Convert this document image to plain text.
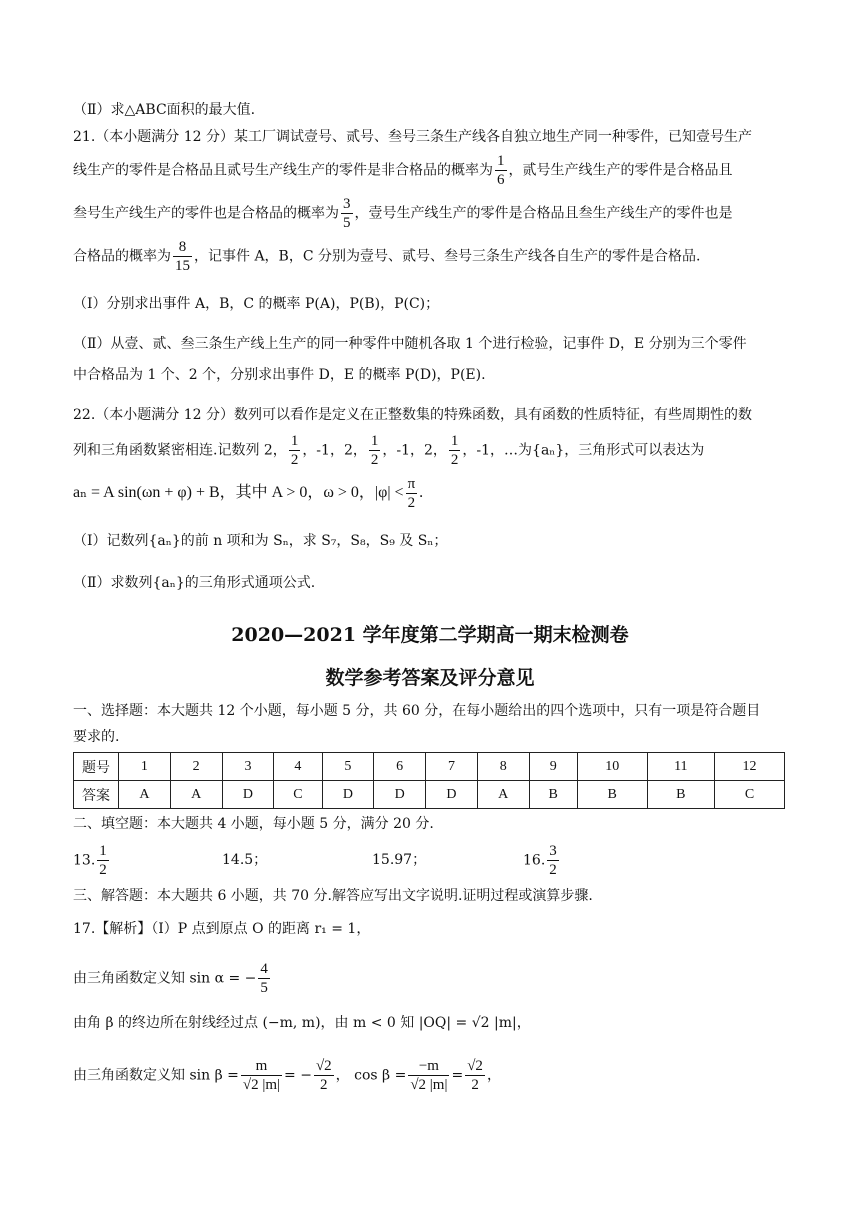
（Ⅱ）求△ABC面积的最大值.
21.（本小题满分 12 分）某工厂调试壹号、贰号、叁号三条生产线各自独立地生产同一种零件，已知壹号生产
线生产的零件是合格品且贰号生产线生产的零件是非合格品的概率为 $\frac{1}{6}$ ，贰号生产线生产的零件是合格品且
叁号生产线生产的零件也是合格品的概率为 $\frac{3}{5}$ ，壹号生产线生产的零件是合格品且叁生产线生产的零件也是
合格品的概率为 $\frac{8}{15}$ ，记事件 A，B，C 分别为壹号、贰号、叁号三条生产线各自生产的零件是合格品.
（Ⅰ）分别求出事件 A，B，C 的概率 P(A)，P(B)，P(C)；
（Ⅱ）从壹、贰、叁三条生产线上生产的同一种零件中随机各取 1 个进行检验，记事件 D，E 分别为三个零件
中合格品为 1 个、2 个，分别求出事件 D，E 的概率 P(D)，P(E).
22.（本小题满分 12 分）数列可以看作是定义在正整数集的特殊函数，具有函数的性质特征，有些周期性的数
列和三角函数紧密相连.记数列 2， $\frac{1}{2}$ ，-1，2， $\frac{1}{2}$ ，-1，2， $\frac{1}{2}$ ，-1，…为{aₙ}，三角形式可以表达为
aₙ = A sin(ωn + φ) + B，其中 A > 0，ω > 0，$|\varphi| < \frac{\pi}{2}$ .
（Ⅰ）记数列{aₙ}的前 n 项和为 Sₙ，求 S₇，S₈，S₉ 及 Sₙ；
（Ⅱ）求数列{aₙ}的三角形式通项公式.
2020—2021 学年度第二学期高一期末检测卷
数学参考答案及评分意见
一、选择题：本大题共 12 个小题，每小题 5 分，共 60 分，在每小题给出的四个选项中，只有一项是符合题目
要求的.
题号	1	2	3	4	5	6	7	8	9	10	11	12
答案	A	A	D	C	D	D	D	A	B	B	B	C
二、填空题：本大题共 4 小题，每小题 5 分，满分 20 分.
13. $\frac{1}{2}$	14.5；	15.97；	16. $\frac{3}{2}$
三、解答题：本大题共 6 小题，共 70 分.解答应写出文字说明.证明过程或演算步骤.
17.【解析】（Ⅰ）P 点到原点 O 的距离 r₁ = 1，
由三角函数定义知 sin α = − $\frac{4}{5}$
由角 β 的终边所在射线经过点 (−m, m)，由 m < 0 知 |OQ| = √2 |m|，
由三角函数定义知 $\sin \beta = \frac{m}{√2 |m|}$ = − $\frac{√2}{2}$ ， $\cos \beta = \frac{-m}{√2 |m|} = \frac{√2}{2}$ ，
